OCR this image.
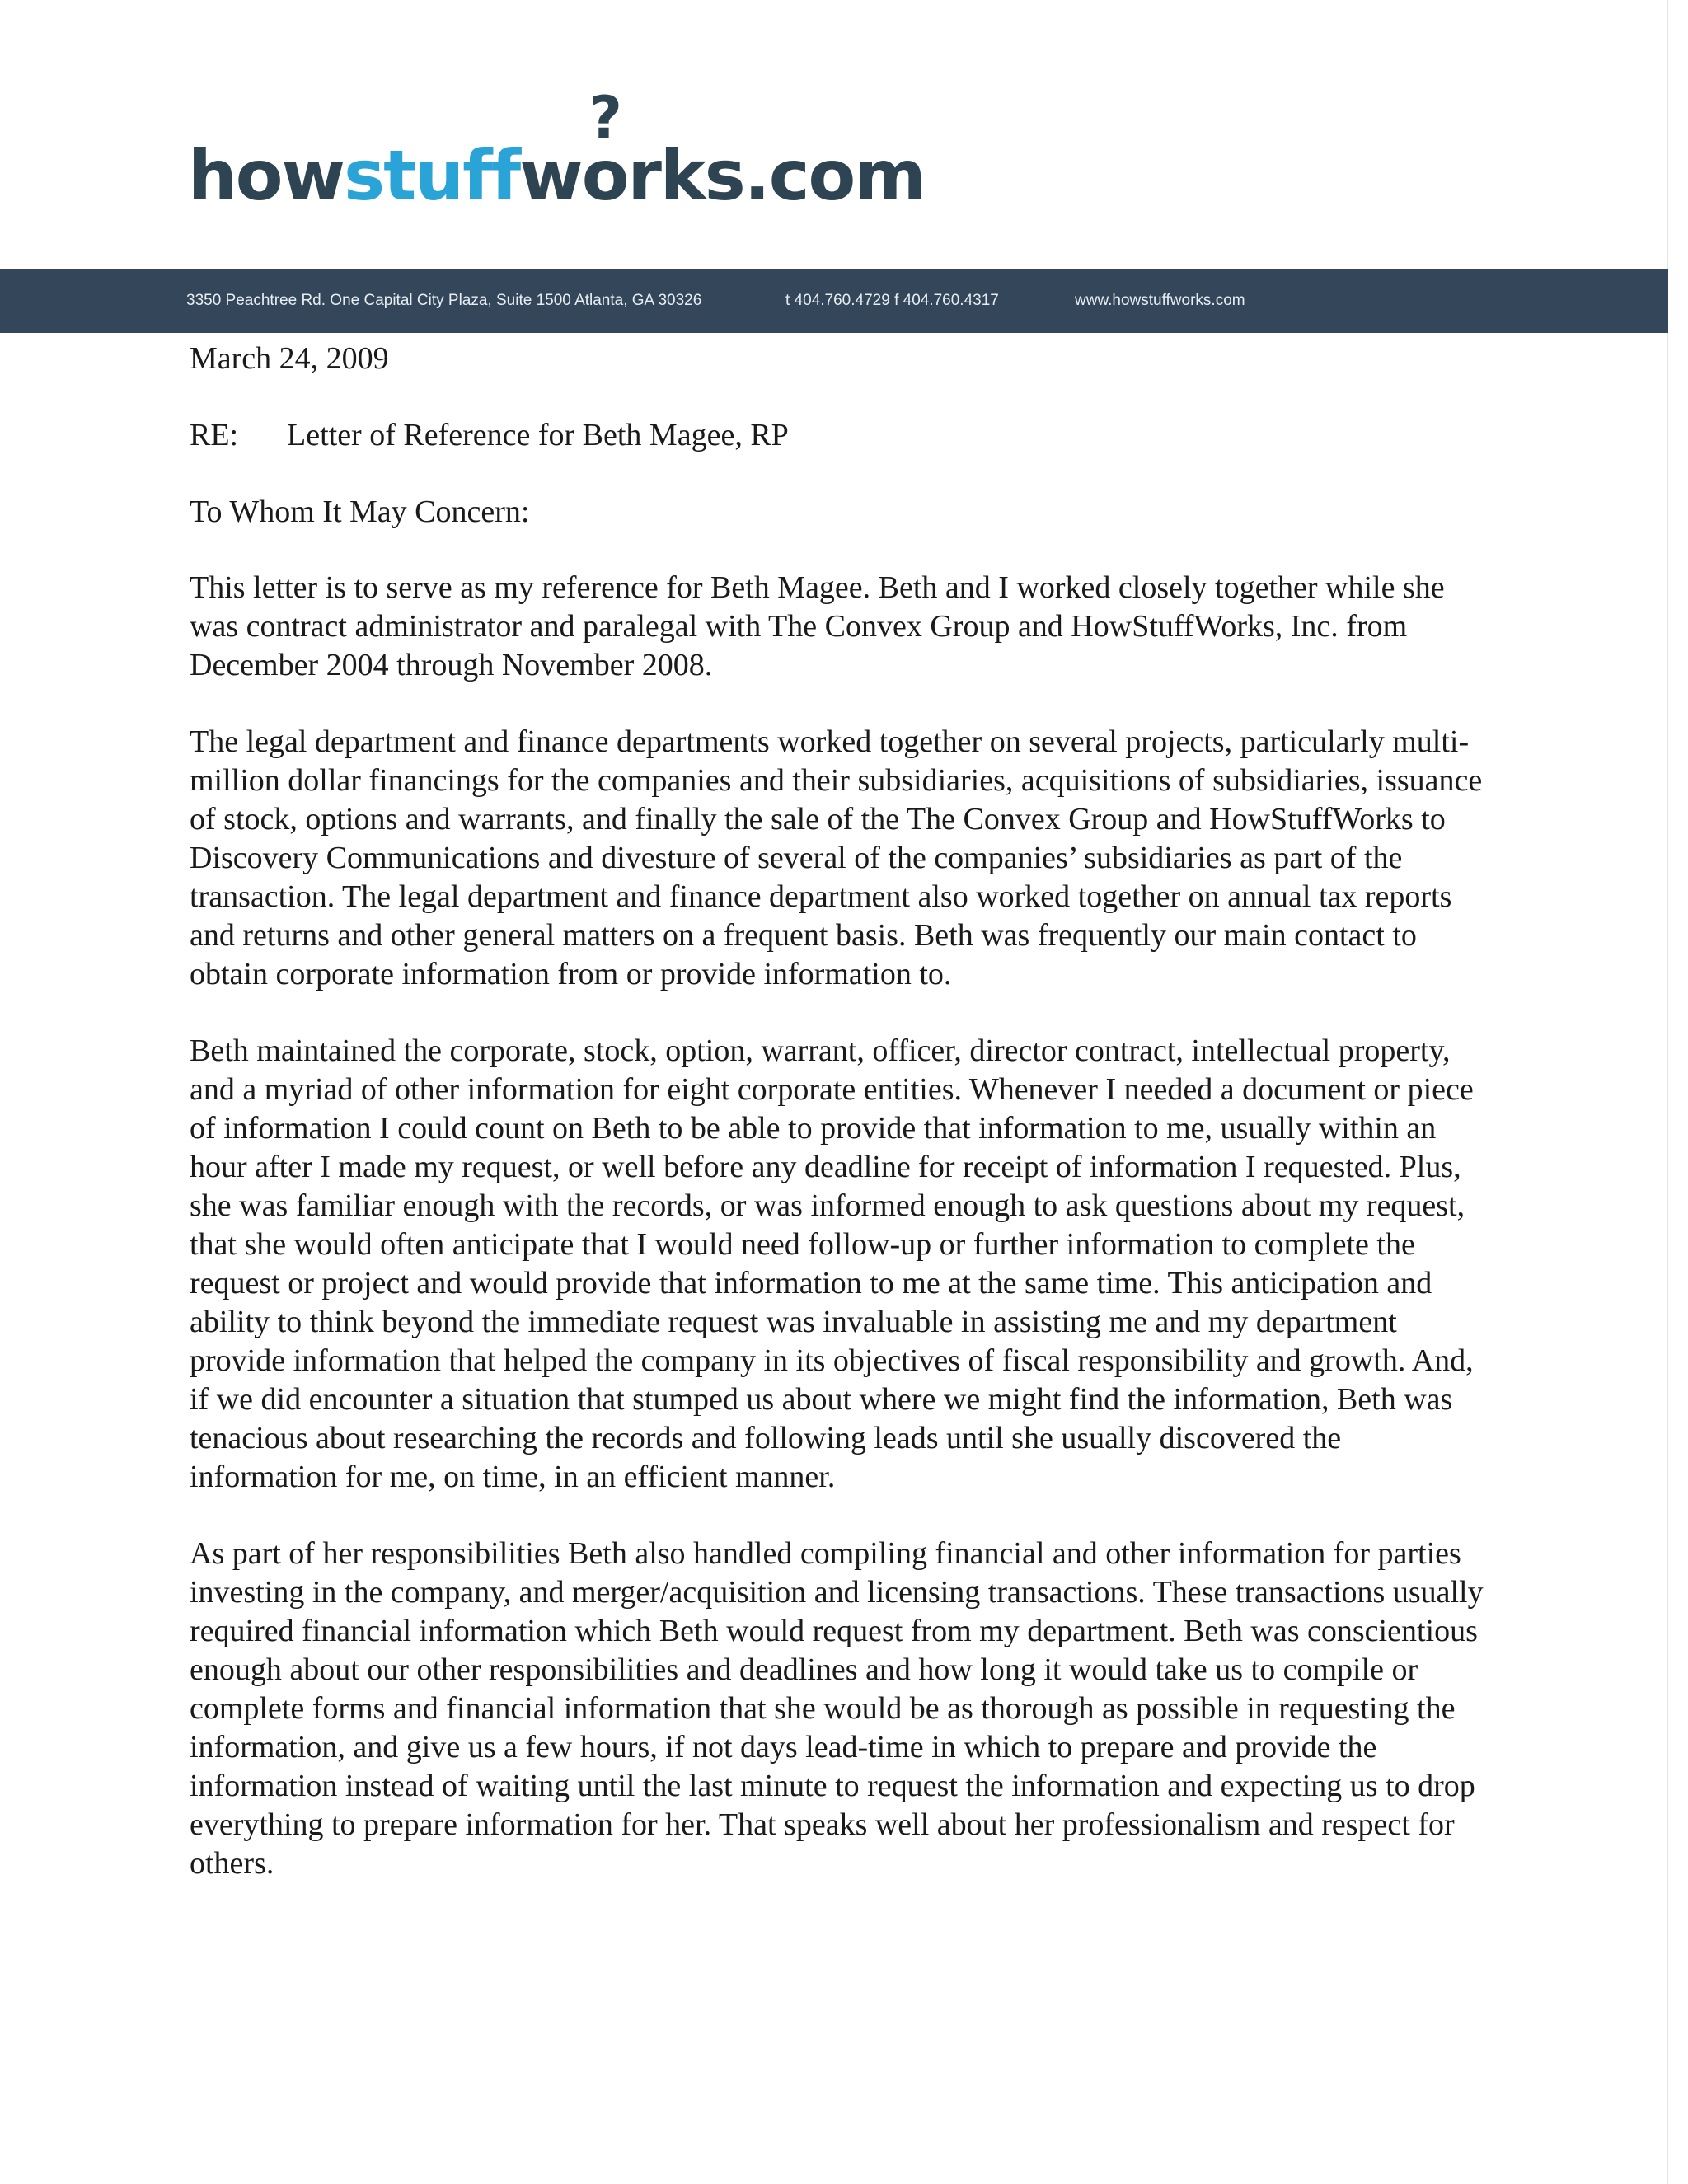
howstuffw
?
orks.com
3350 Peachtree Rd. One Capital City Plaza, Suite 1500 Atlanta, GA 30326	t 404.760.4729 f 404.760.4317	www.howstuffworks.com

March 24, 2009

RE: Letter of Reference for Beth Magee, RP

To Whom It May Concern:

This letter is to serve as my reference for Beth Magee. Beth and I worked closely together while she was contract administrator and paralegal with The Convex Group and HowStuffWorks, Inc. from December 2004 through November 2008.

The legal department and finance departments worked together on several projects, particularly multi-million dollar financings for the companies and their subsidiaries, acquisitions of subsidiaries, issuance of stock, options and warrants, and finally the sale of the The Convex Group and HowStuffWorks to Discovery Communications and divesture of several of the companies’ subsidiaries as part of the transaction. The legal department and finance department also worked together on annual tax reports and returns and other general matters on a frequent basis. Beth was frequently our main contact to obtain corporate information from or provide information to.

Beth maintained the corporate, stock, option, warrant, officer, director contract, intellectual property, and a myriad of other information for eight corporate entities. Whenever I needed a document or piece of information I could count on Beth to be able to provide that information to me, usually within an hour after I made my request, or well before any deadline for receipt of information I requested. Plus, she was familiar enough with the records, or was informed enough to ask questions about my request, that she would often anticipate that I would need follow-up or further information to complete the request or project and would provide that information to me at the same time. This anticipation and ability to think beyond the immediate request was invaluable in assisting me and my department provide information that helped the company in its objectives of fiscal responsibility and growth. And, if we did encounter a situation that stumped us about where we might find the information, Beth was tenacious about researching the records and following leads until she usually discovered the information for me, on time, in an efficient manner.

As part of her responsibilities Beth also handled compiling financial and other information for parties investing in the company, and merger/acquisition and licensing transactions. These transactions usually required financial information which Beth would request from my department. Beth was conscientious enough about our other responsibilities and deadlines and how long it would take us to compile or complete forms and financial information that she would be as thorough as possible in requesting the information, and give us a few hours, if not days lead-time in which to prepare and provide the information instead of waiting until the last minute to request the information and expecting us to drop everything to prepare information for her. That speaks well about her professionalism and respect for others.
